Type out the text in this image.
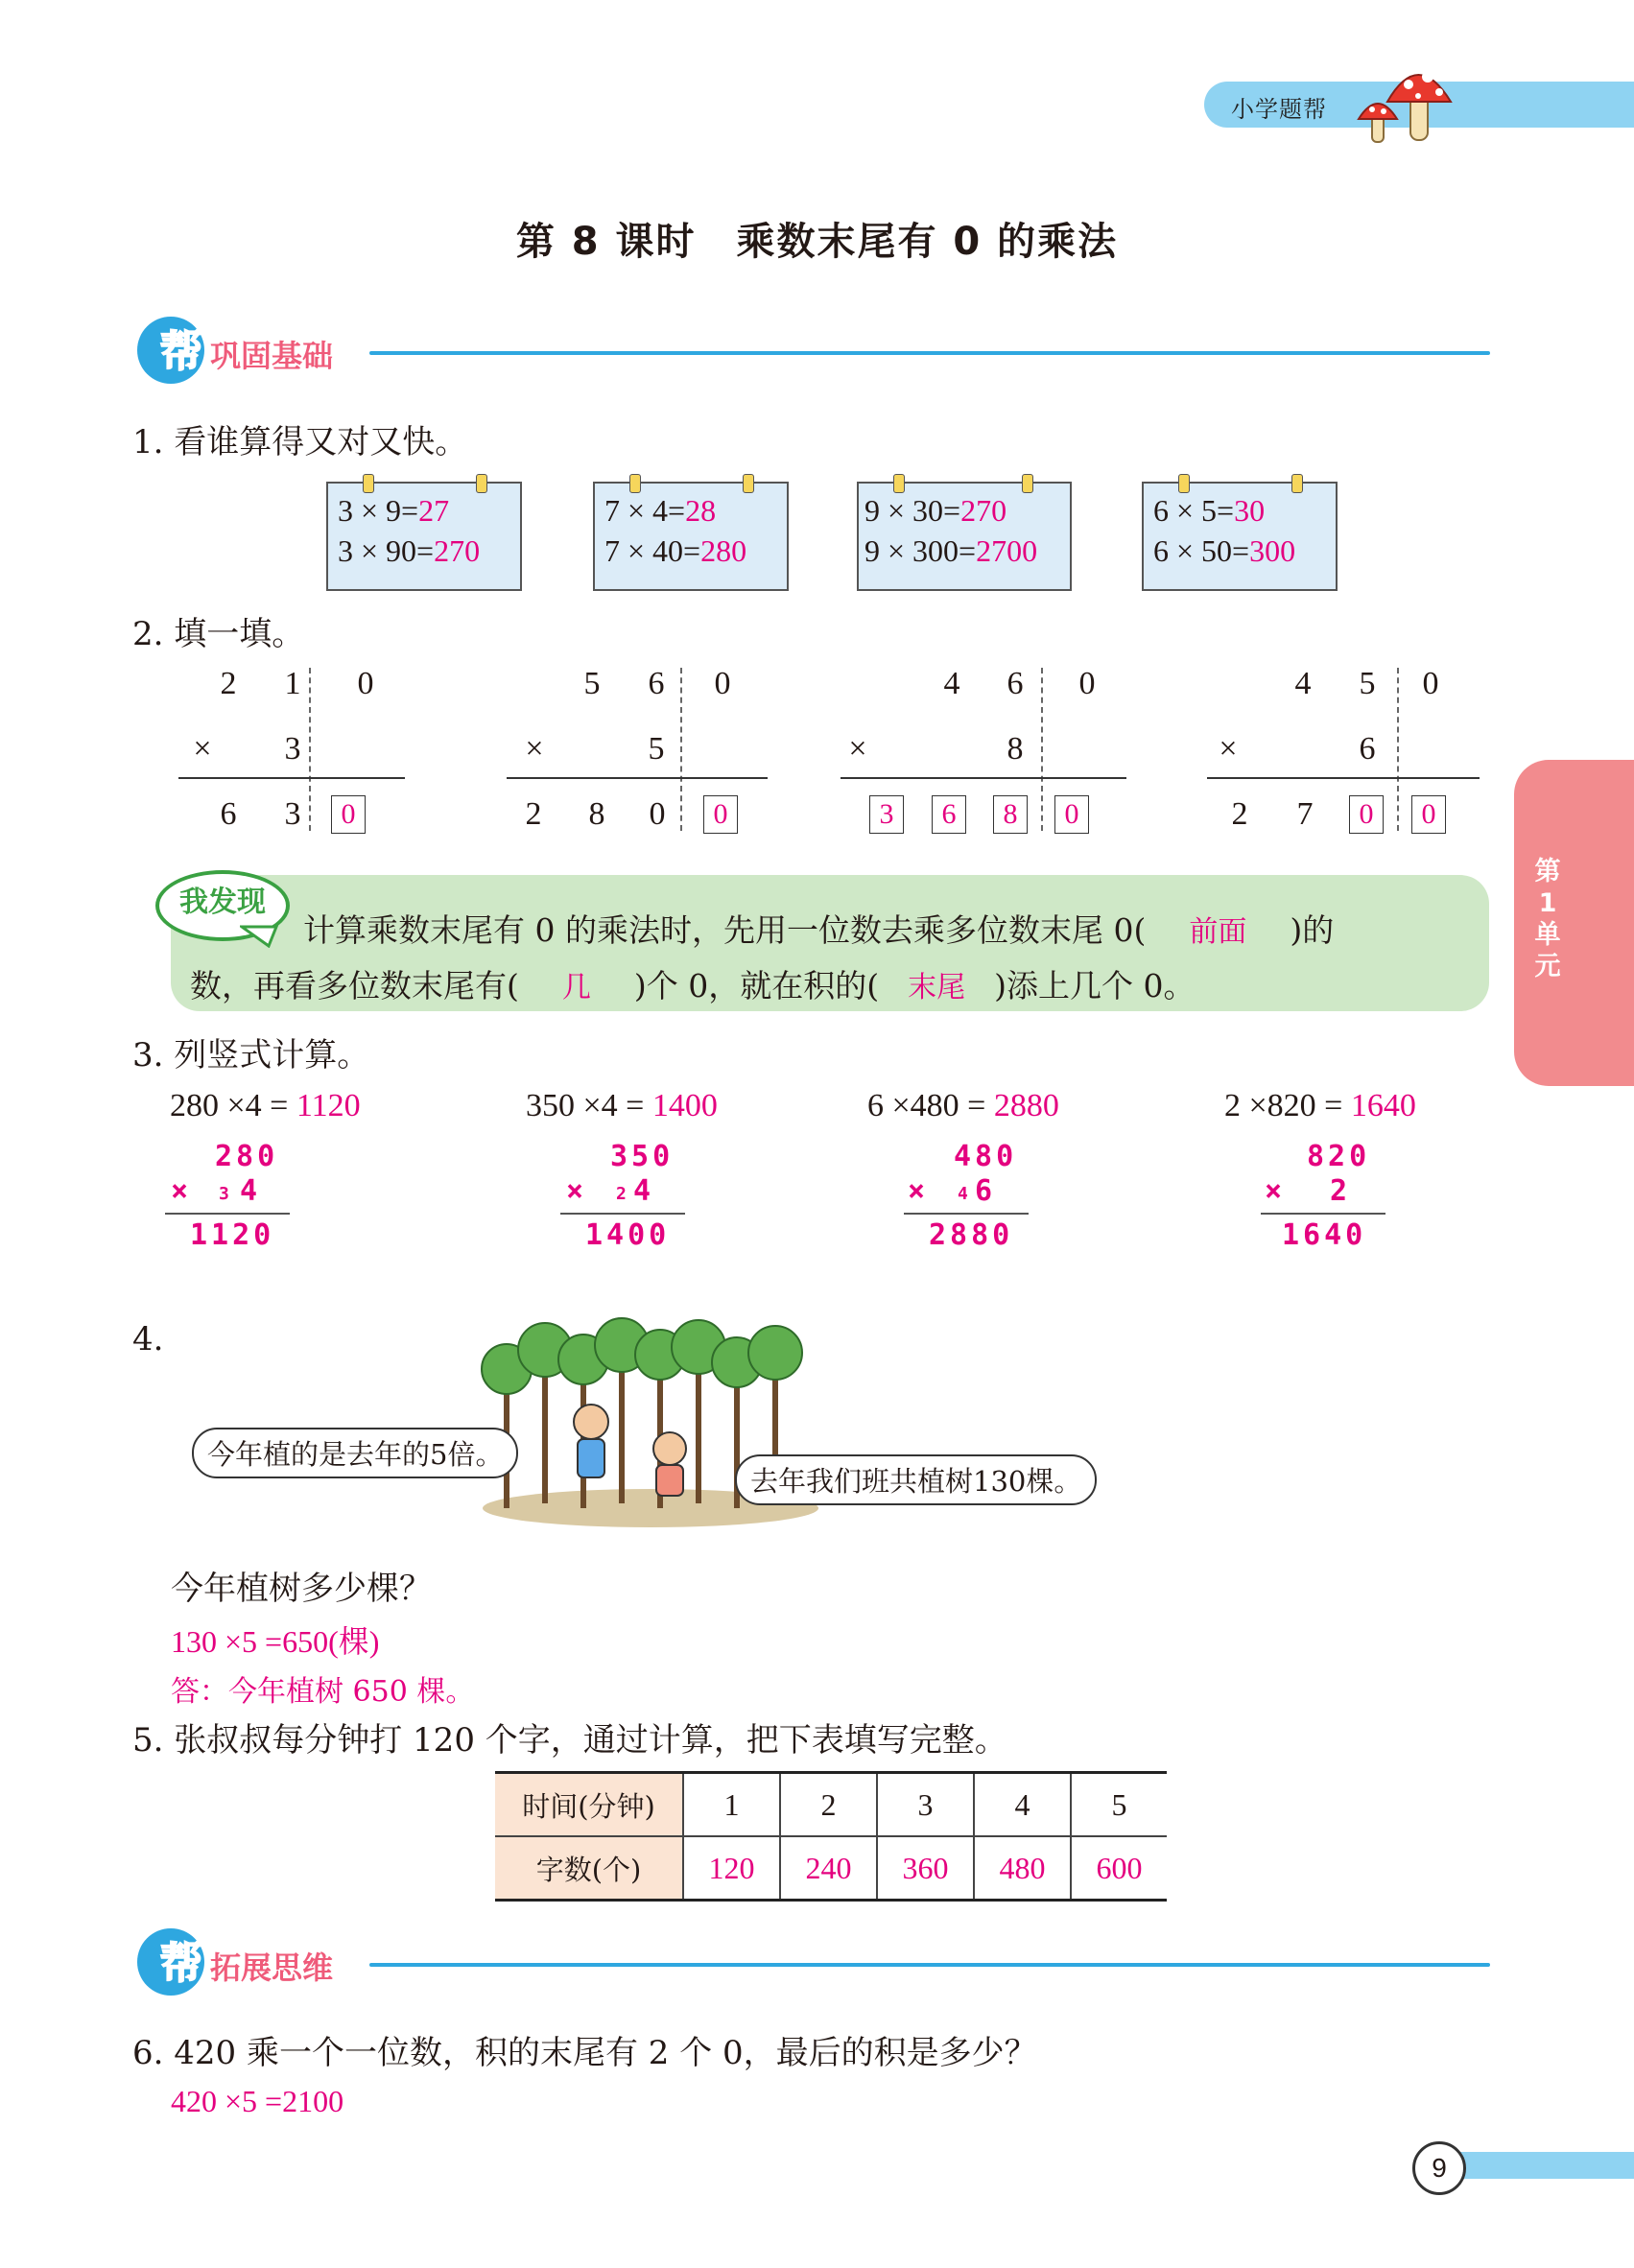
小学题帮
第 8 课时　乘数末尾有 0 的乘法
帮 巩固基础
1. 看谁算得又对又快。
3 × 9=27
3 × 90=270
7 × 4=28
7 × 40=280
9 × 30=270
9 × 300=2700
6 × 5=30
6 × 50=300
2. 填一填。
2 1 0
× 3
6 3	0
5 6 0
×	5
2 8 0	0
4 6 0
×	8
3	6	8	0
4 5 0
×	6
2 7	0	0
我发现
计算乘数末尾有 0 的乘法时，先用一位数去乘多位数末尾 0( 前面 )的
数，再看多位数末尾有( 几 )个 0，就在积的( 末尾 )添上几个 0。
3. 列竖式计算。
280 ×4 = 1120	350 ×4 = 1400	6 ×480 = 2880	2 ×820 = 1640
280
× 3 4
1120
350
× 2 4
1400
480
× 4 6
2880
820
× 2
1640
4.
今年植的是去年的5倍。
去年我们班共植树130棵。
今年植树多少棵？
130 ×5 =650(棵)
答：今年植树 650 棵。
5. 张叔叔每分钟打 120 个字，通过计算，把下表填写完整。
时间(分钟)	1	2	3	4	5
字数(个)	120	240	360	480	600
帮 拓展思维
6. 420 乘一个一位数，积的末尾有 2 个 0，最后的积是多少？
420 ×5 =2100
第
1
单
元
9
